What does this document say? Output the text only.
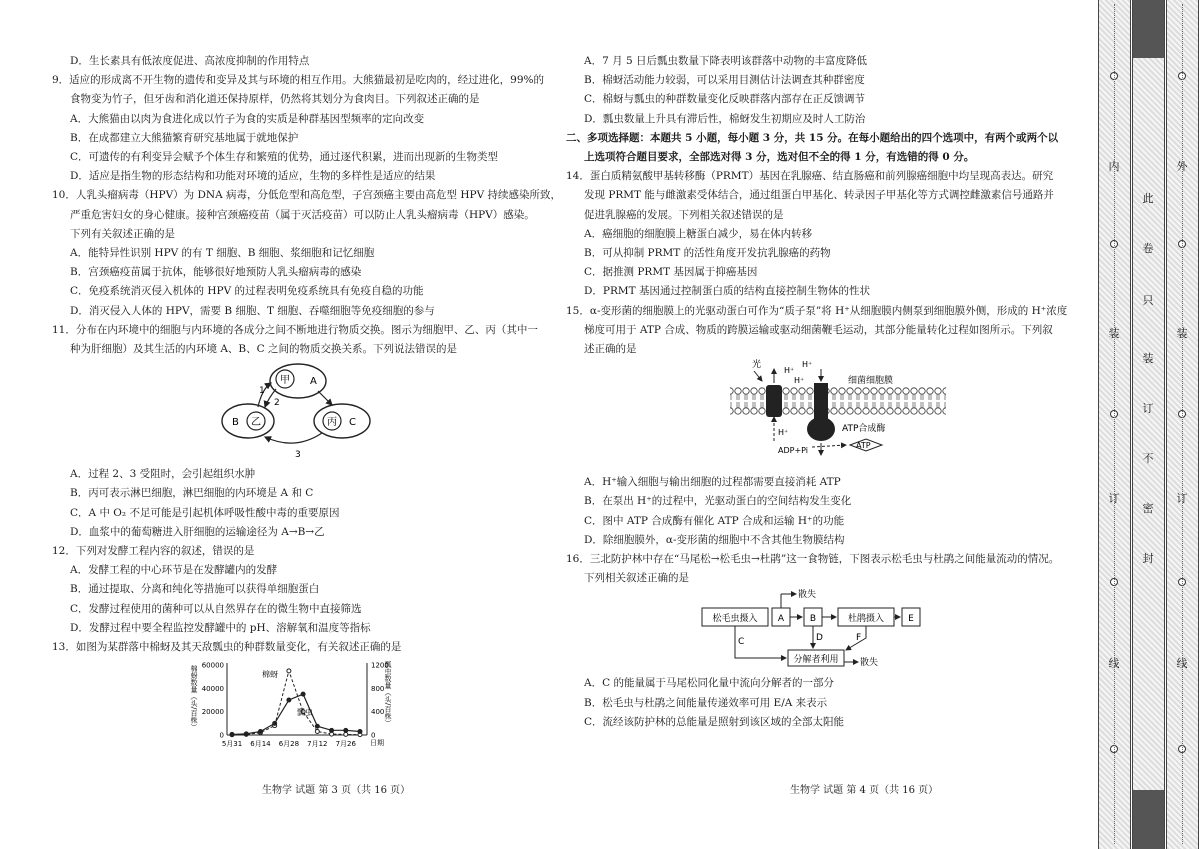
D．生长素具有低浓度促进、高浓度抑制的作用特点
9．适应的形成离不开生物的遗传和变异及其与环境的相互作用。大熊猫最初是吃肉的，经过进化，99%的
食物变为竹子，但牙齿和消化道还保持原样，仍然将其划分为食肉目。下列叙述正确的是
A．大熊猫由以肉为食进化成以竹子为食的实质是种群基因型频率的定向改变
B．在成都建立大熊猫繁育研究基地属于就地保护
C．可遗传的有利变异会赋予个体生存和繁殖的优势，通过逐代积累，进而出现新的生物类型
D．适应是指生物的形态结构和功能对环境的适应，生物的多样性是适应的结果
10．人乳头瘤病毒（HPV）为 DNA 病毒，分低危型和高危型，子宫颈癌主要由高危型 HPV 持续感染所致，
严重危害妇女的身心健康。接种宫颈癌疫苗（属于灭活疫苗）可以防止人乳头瘤病毒（HPV）感染。
下列有关叙述正确的是
A．能特异性识别 HPV 的有 T 细胞、B 细胞、浆细胞和记忆细胞
B．宫颈癌疫苗属于抗体，能够很好地预防人乳头瘤病毒的感染
C．免疫系统消灭侵入机体的 HPV 的过程表明免疫系统具有免疫自稳的功能
D．消灭侵入人体的 HPV，需要 B 细胞、T 细胞、吞噬细胞等免疫细胞的参与
11．分布在内环境中的细胞与内环境的各成分之间不断地进行物质交换。图示为细胞甲、乙、丙（其中一
种为肝细胞）及其生活的内环境 A、B、C 之间的物质交换关系。下列说法错误的是
甲 A
B 乙	丙 C
1
2
3
A．过程 2、3 受阻时，会引起组织水肿
B．丙可表示淋巴细胞，淋巴细胞的内环境是 A 和 C
C．A 中 O₂ 不足可能是引起机体呼吸性酸中毒的重要原因
D．血浆中的葡萄糖进入肝细胞的运输途径为 A→B→乙
12．下列对发酵工程内容的叙述，错误的是
A．发酵工程的中心环节是在发酵罐内的发酵
B．通过提取、分离和纯化等措施可以获得单细胞蛋白
C．发酵过程使用的菌种可以从自然界存在的微生物中直接筛选
D．发酵过程中要全程监控发酵罐中的 pH、溶解氧和温度等指标
13．如图为某群落中棉蚜及其天敌瓢虫的种群数量变化，有关叙述正确的是
棉蚜数量（头/百株）	瓢虫数量（头/百株）
日期
5月31 6月14 6月28 7月12 7月26
0
20000
40000
60000
0
400
800
1200
棉蚜
瓢虫
A．7 月 5 日后瓢虫数量下降表明该群落中动物的丰富度降低
B．棉蚜活动能力较弱，可以采用目测估计法调查其种群密度
C．棉蚜与瓢虫的种群数量变化反映群落内部存在正反馈调节
D．瓢虫数量上升具有滞后性，棉蚜发生初期应及时人工防治
二、多项选择题：本题共 5 小题，每小题 3 分，共 15 分。在每小题给出的四个选项中，有两个或两个以
上选项符合题目要求，全部选对得 3 分，选对但不全的得 1 分，有选错的得 0 分。
14．蛋白质精氨酸甲基转移酶（PRMT）基因在乳腺癌、结直肠癌和前列腺癌细胞中均呈现高表达。研究
发现 PRMT 能与雌激素受体结合，通过组蛋白甲基化、转录因子甲基化等方式调控雌激素信号通路并
促进乳腺癌的发展。下列相关叙述错误的是
A．癌细胞的细胞膜上糖蛋白减少，易在体内转移
B．可从抑制 PRMT 的活性角度开发抗乳腺癌的药物
C．据推测 PRMT 基因属于抑癌基因
D．PRMT 基因通过控制蛋白质的结构直接控制生物体的性状
15．α-变形菌的细胞膜上的光驱动蛋白可作为“质子泵”将 H⁺从细胞膜内侧泵到细胞膜外侧，形成的 H⁺浓度
梯度可用于 ATP 合成、物质的跨膜运输或驱动细菌鞭毛运动，其部分能量转化过程如图所示。下列叙
述正确的是
光
H⁺
H⁺
H⁺
H⁺
细菌细胞膜
ATP合成酶
ADP+Pi
ATP
A．H⁺输入细胞与输出细胞的过程都需要直接消耗 ATP
B．在泵出 H⁺的过程中，光驱动蛋白的空间结构发生变化
C．图中 ATP 合成酶有催化 ATP 合成和运输 H⁺的功能
D．除细胞膜外，α-变形菌的细胞中不含其他生物膜结构
16．三北防护林中存在“马尾松→松毛虫→杜鹃”这一食物链，下图表示松毛虫与杜鹃之间能量流动的情况。
下列相关叙述正确的是
松毛虫摄入 A	B	杜鹃摄入	E
散失
分解者利用
C	D	F
散失
A．C 的能量属于马尾松同化量中流向分解者的一部分
B．松毛虫与杜鹃之间能量传递效率可用 E/A 来表示
C．流经该防护林的总能量是照射到该区域的全部太阳能
生物学 试题 第 3 页（共 16 页）	生物学 试题 第 4 页（共 16 页）
内
装
订
线
此
卷
只
装
订
不
密
封
外
装
订
线
